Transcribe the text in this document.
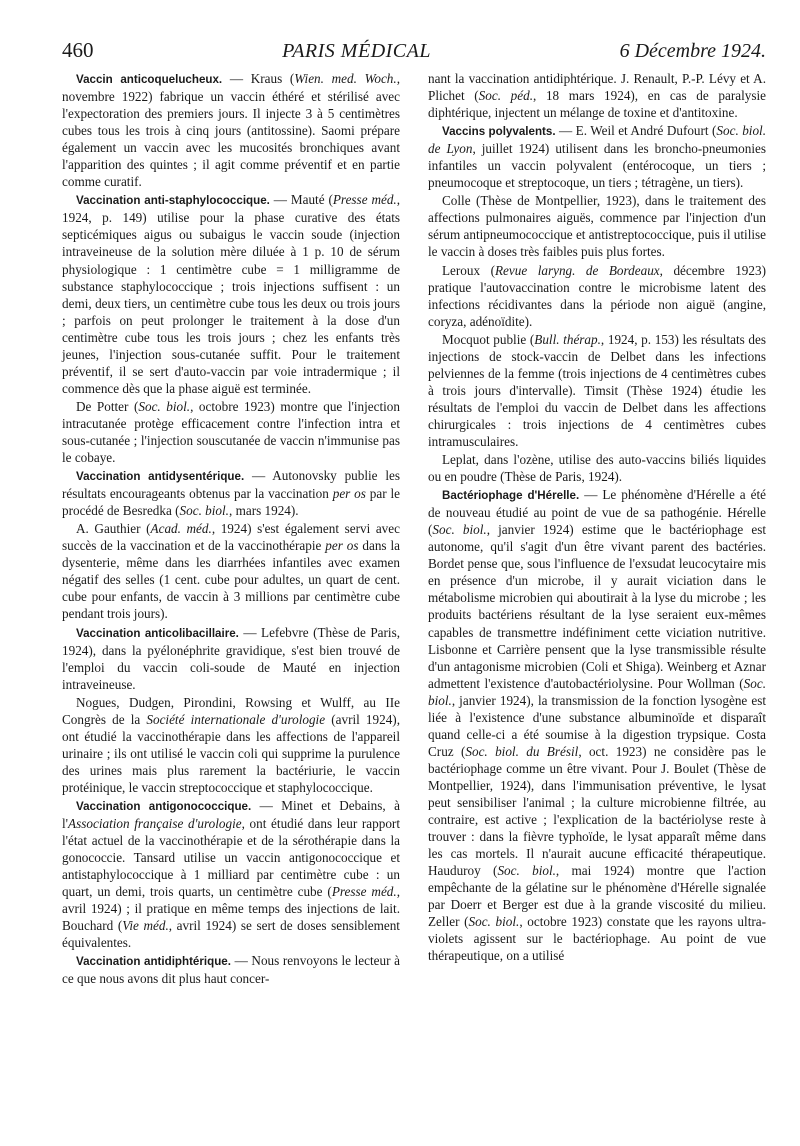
460	PARIS MÉDICAL	6 Décembre 1924.

Vaccin anticoquelucheux. — Kraus (Wien. med. Woch., novembre 1922) fabrique un vaccin éthéré et stérilisé avec l'expectoration des premiers jours. Il injecte 3 à 5 centimètres cubes tous les trois à cinq jours (antitossine). Saomi prépare également un vaccin avec les mucosités bronchiques avant l'apparition des quintes ; il agit comme préventif et en partie comme curatif.

Vaccination anti-staphylococcique. — Mauté (Presse méd., 1924, p. 149) utilise pour la phase curative des états septicémiques aigus ou subaigus le vaccin soude (injection intraveineuse de la solution mère diluée à 1 p. 10 de sérum physiologique : 1 centimètre cube = 1 milligramme de substance staphylococcique ; trois injections suffisent : un demi, deux tiers, un centimètre cube tous les deux ou trois jours ; parfois on peut prolonger le traitement à la dose d'un centimètre cube tous les trois jours ; chez les enfants très jeunes, l'injection sous-cutanée suffit. Pour le traitement préventif, il se sert d'auto-vaccin par voie intradermique ; il commence dès que la phase aiguë est terminée.

De Potter (Soc. biol., octobre 1923) montre que l'injection intracutanée protège efficacement contre l'infection intra et sous-cutanée ; l'injection souscutanée de vaccin n'immunise pas le cobaye.

Vaccination antidysentérique. — Autonovsky publie les résultats encourageants obtenus par la vaccination per os par le procédé de Besredka (Soc. biol., mars 1924).

A. Gauthier (Acad. méd., 1924) s'est également servi avec succès de la vaccination et de la vaccinothérapie per os dans la dysenterie, même dans les diarrhées infantiles avec examen négatif des selles (1 cent. cube pour adultes, un quart de cent. cube pour enfants, de vaccin à 3 millions par centimètre cube pendant trois jours).

Vaccination anticolibacillaire. — Lefebvre (Thèse de Paris, 1924), dans la pyélonéphrite gravidique, s'est bien trouvé de l'emploi du vaccin coli-soude de Mauté en injection intraveineuse.

Nogues, Dudgen, Pirondini, Rowsing et Wulff, au IIe Congrès de la Société internationale d'urologie (avril 1924), ont étudié la vaccinothérapie dans les affections de l'appareil urinaire ; ils ont utilisé le vaccin coli qui supprime la purulence des urines mais plus rarement la bactériurie, le vaccin protéinique, le vaccin streptococcique et staphylococcique.

Vaccination antigonococcique. — Minet et Debains, à l'Association française d'urologie, ont étudié dans leur rapport l'état actuel de la vaccinothérapie et de la sérothérapie dans la gonococcie. Tansard utilise un vaccin antigonococcique et antistaphylococcique à 1 milliard par centimètre cube : un quart, un demi, trois quarts, un centimètre cube (Presse méd., avril 1924) ; il pratique en même temps des injections de lait. Bouchard (Vie méd., avril 1924) se sert de doses sensiblement équivalentes.

Vaccination antidiphtérique. — Nous renvoyons le lecteur à ce que nous avons dit plus haut concer-

nant la vaccination antidiphtérique. J. Renault, P.-P. Lévy et A. Plichet (Soc. péd., 18 mars 1924), en cas de paralysie diphtérique, injectent un mélange de toxine et d'antitoxine.

Vaccins polyvalents. — E. Weil et André Dufourt (Soc. biol. de Lyon, juillet 1924) utilisent dans les broncho-pneumonies infantiles un vaccin polyvalent (entérocoque, un tiers ; pneumocoque et streptocoque, un tiers ; tétragène, un tiers).

Colle (Thèse de Montpellier, 1923), dans le traitement des affections pulmonaires aiguës, commence par l'injection d'un sérum antipneumococcique et antistreptococcique, puis il utilise le vaccin à doses très faibles puis plus fortes.

Leroux (Revue laryng. de Bordeaux, décembre 1923) pratique l'autovaccination contre le microbisme latent des infections récidivantes dans la période non aiguë (angine, coryza, adénoïdite).

Mocquot publie (Bull. thérap., 1924, p. 153) les résultats des injections de stock-vaccin de Delbet dans les infections pelviennes de la femme (trois injections de 4 centimètres cubes à trois jours d'intervalle). Timsit (Thèse 1924) étudie les résultats de l'emploi du vaccin de Delbet dans les affections chirurgicales : trois injections de 4 centimètres cubes intramusculaires.

Leplat, dans l'ozène, utilise des auto-vaccins biliés liquides ou en poudre (Thèse de Paris, 1924).

Bactériophage d'Hérelle. — Le phénomène d'Hérelle a été de nouveau étudié au point de vue de sa pathogénie. Hérelle (Soc. biol., janvier 1924) estime que le bactériophage est autonome, qu'il s'agit d'un être vivant parent des bactéries. Bordet pense que, sous l'influence de l'exsudat leucocytaire mis en présence d'un microbe, il y aurait viciation dans le métabolisme microbien qui aboutirait à la lyse du microbe ; les produits bactériens résultant de la lyse seraient eux-mêmes capables de transmettre indéfiniment cette viciation nutritive. Lisbonne et Carrière pensent que la lyse transmissible résulte d'un antagonisme microbien (Coli et Shiga). Weinberg et Aznar admettent l'existence d'autobactériolysine. Pour Wollman (Soc. biol., janvier 1924), la transmission de la fonction lysogène est liée à l'existence d'une substance albuminoïde et disparaît quand celle-ci a été soumise à la digestion trypsique. Costa Cruz (Soc. biol. du Brésil, oct. 1923) ne considère pas le bactériophage comme un être vivant. Pour J. Boulet (Thèse de Montpellier, 1924), dans l'immunisation préventive, le lysat peut sensibiliser l'animal ; la culture microbienne filtrée, au contraire, est active ; l'explication de la bactériolyse reste à trouver : dans la fièvre typhoïde, le lysat apparaît même dans les cas mortels. Il n'aurait aucune efficacité thérapeutique. Hauduroy (Soc. biol., mai 1924) montre que l'action empêchante de la gélatine sur le phénomène d'Hérelle signalée par Doerr et Berger est due à la grande viscosité du milieu. Zeller (Soc. biol., octobre 1923) constate que les rayons ultra-violets agissent sur le bactériophage. Au point de vue thérapeutique, on a utilisé
